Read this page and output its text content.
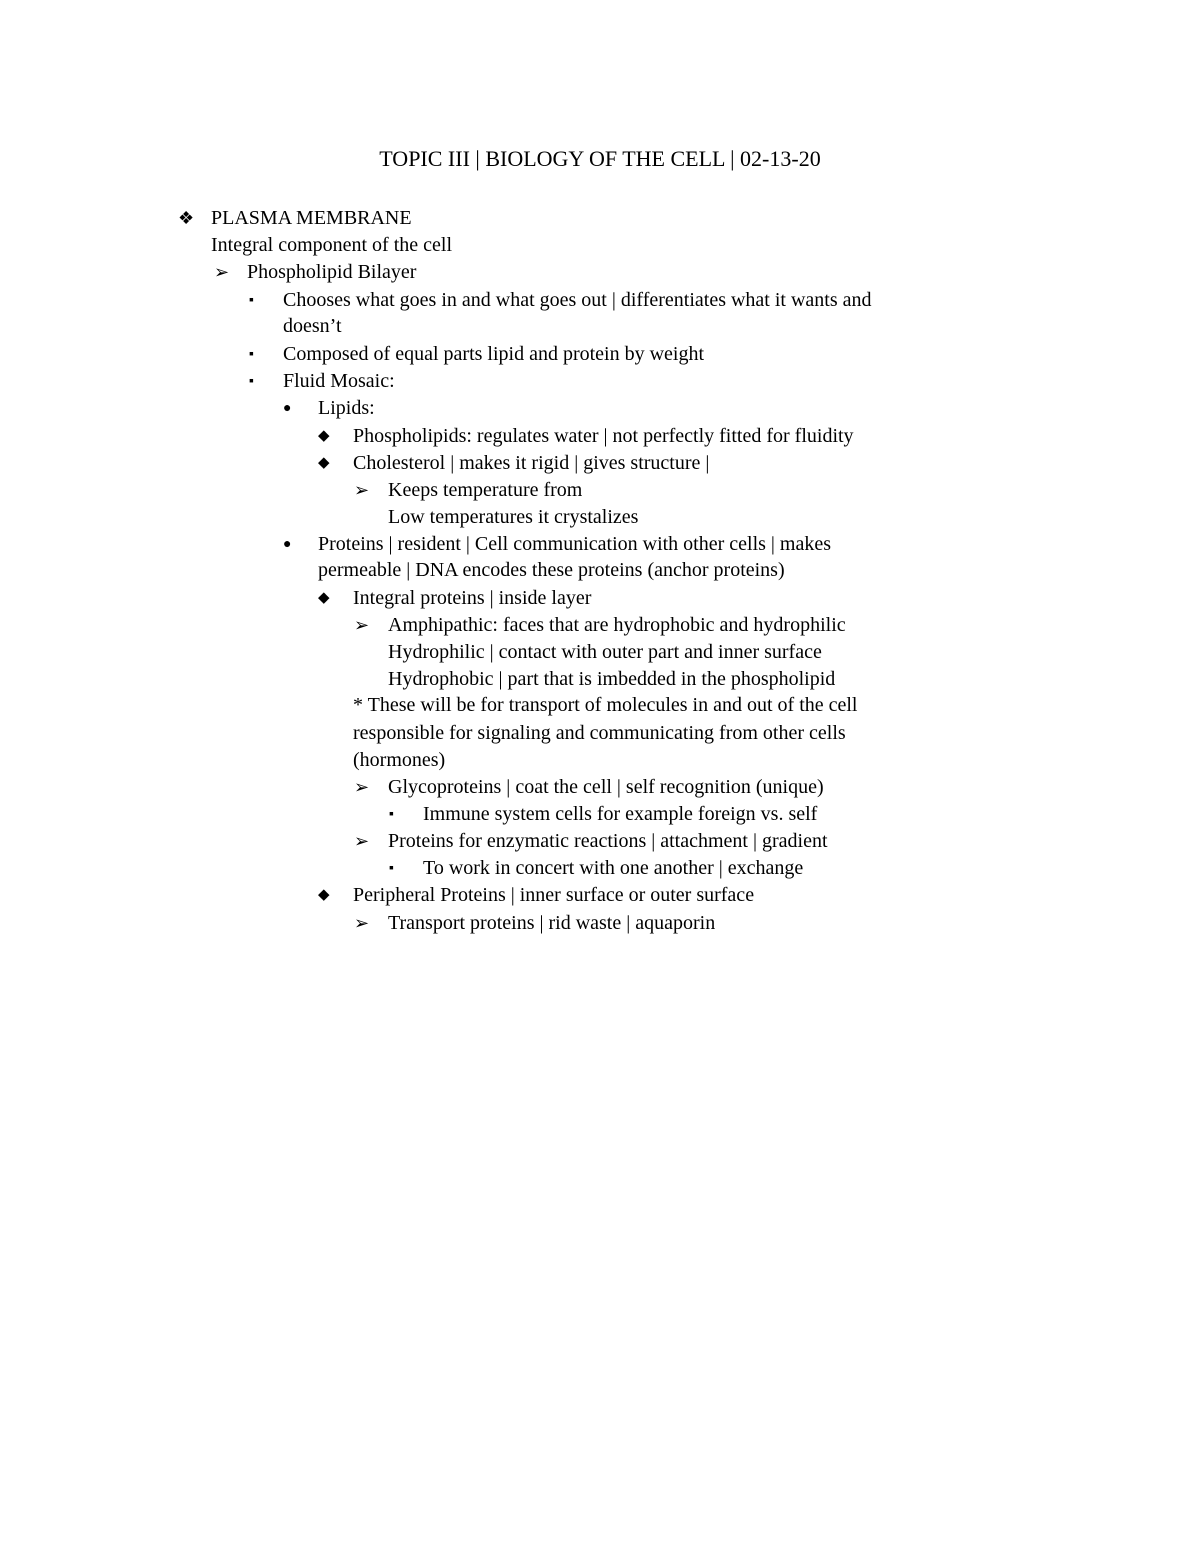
TOPIC III | BIOLOGY OF THE CELL | 02-13-20
❖ PLASMA MEMBRANE
Integral component of the cell
➢ Phospholipid Bilayer
▪ Chooses what goes in and what goes out | differentiates what it wants and
doesn’t
▪ Composed of equal parts lipid and protein by weight
▪ Fluid Mosaic:
● Lipids:
◆ Phospholipids: regulates water | not perfectly fitted for fluidity
◆ Cholesterol | makes it rigid | gives structure |
➢ Keeps temperature from
Low temperatures it crystalizes
● Proteins | resident | Cell communication with other cells | makes
permeable | DNA encodes these proteins (anchor proteins)
◆ Integral proteins | inside layer
➢ Amphipathic: faces that are hydrophobic and hydrophilic
Hydrophilic | contact with outer part and inner surface
Hydrophobic | part that is imbedded in the phospholipid
* These will be for transport of molecules in and out of the cell
responsible for signaling and communicating from other cells
(hormones)
➢ Glycoproteins | coat the cell | self recognition (unique)
▪ Immune system cells for example foreign vs. self
➢ Proteins for enzymatic reactions | attachment | gradient
▪ To work in concert with one another | exchange
◆ Peripheral Proteins | inner surface or outer surface
➢ Transport proteins | rid waste | aquaporin
